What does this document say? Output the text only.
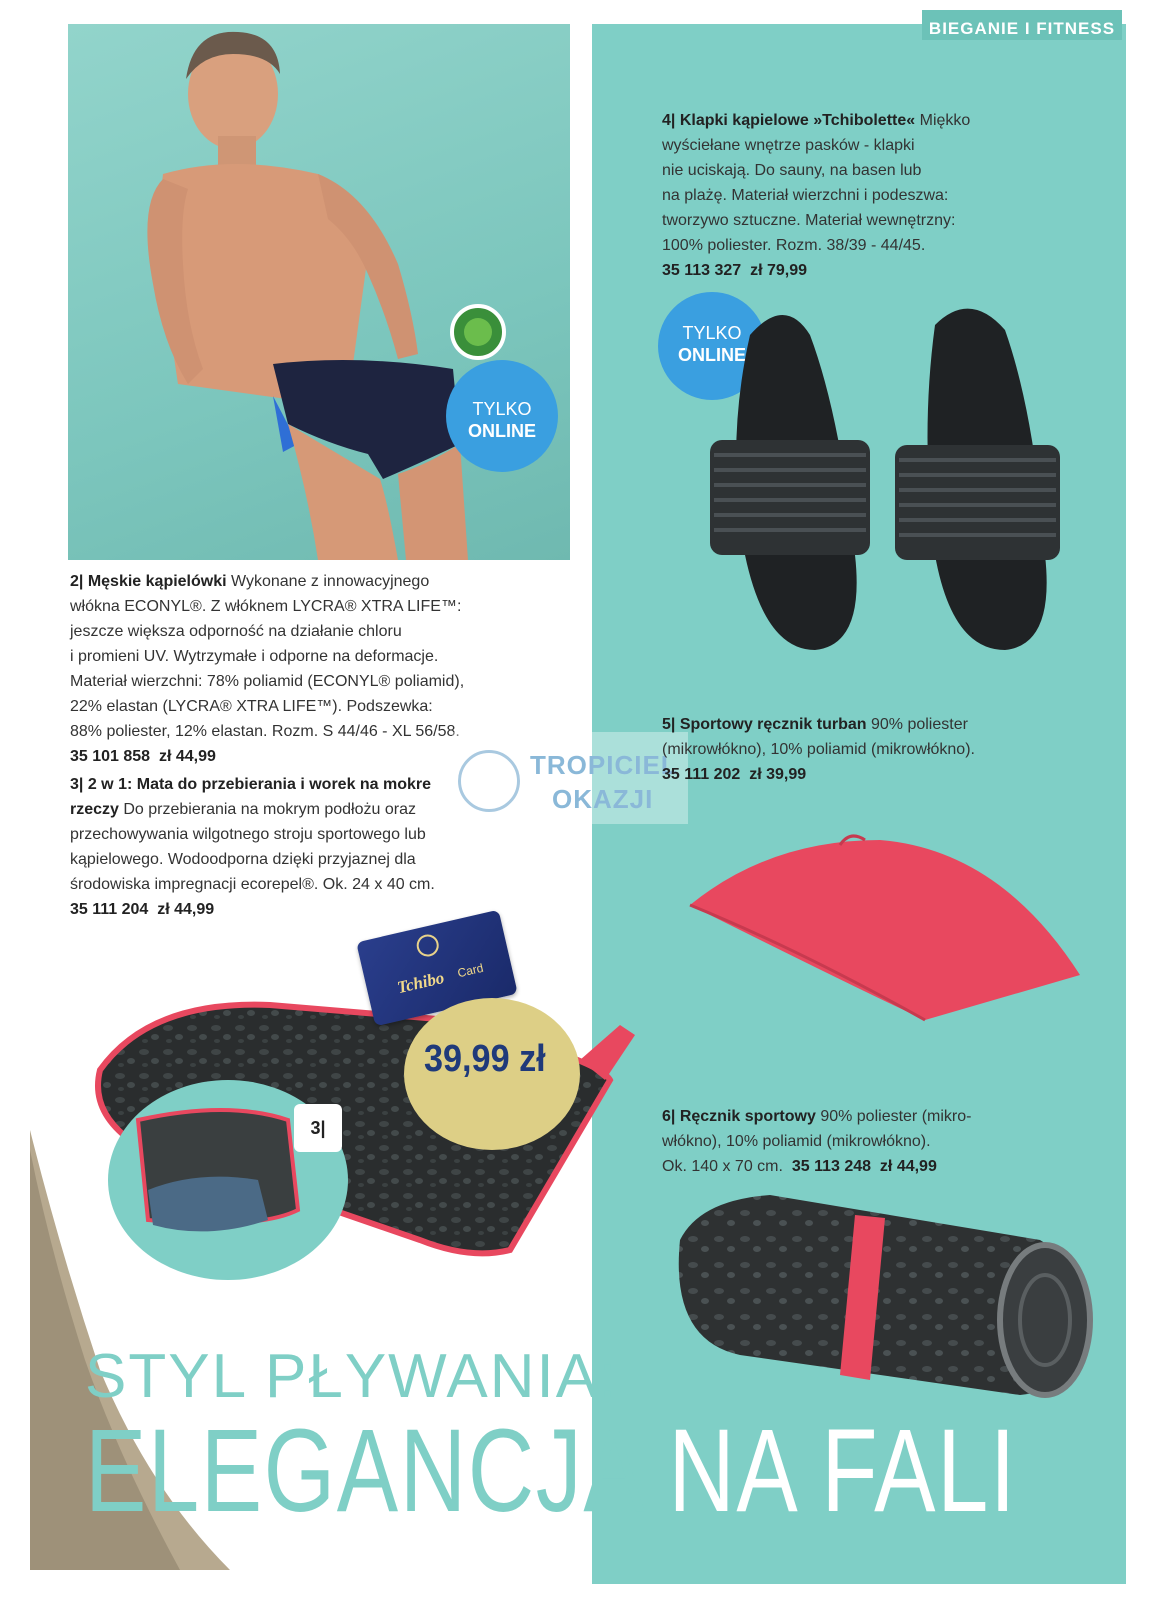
BIEGANIE I FITNESS
TYLKO
ONLINE
2| Męskie kąpielówki Wykonane z innowacyjnego
włókna ECONYL®. Z włóknem LYCRA® XTRA LIFE™:
jeszcze większa odporność na działanie chloru
i promieni UV. Wytrzymałe i odporne na deformacje.
Materiał wierzchni: 78% poliamid (ECONYL® poliamid),
22% elastan (LYCRA® XTRA LIFE™). Podszewka:
88% poliester, 12% elastan. Rozm. S 44/46 - XL 56/58.
35 101 858 zł 44,99
3| 2 w 1: Mata do przebierania i worek na mokre
rzeczy Do przebierania na mokrym podłożu oraz
przechowywania wilgotnego stroju sportowego lub
kąpielowego. Wodoodporna dzięki przyjaznej dla
środowiska impregnacji ecorepel®. Ok. 24 x 40 cm.
35 111 204 zł 44,99
TROPICIEL
OKAZJI
Tchibo Card
39,99 zł
3|
4| Klapki kąpielowe »Tchibolette« Miękko
wyściełane wnętrze pasków - klapki
nie uciskają. Do sauny, na basen lub
na plażę. Materiał wierzchni i podeszwa:
tworzywo sztuczne. Materiał wewnętrzny:
100% poliester. Rozm. 38/39 - 44/45.
35 113 327 zł 79,99
TYLKO
ONLINE
5| Sportowy ręcznik turban 90% poliester
(mikrowłókno), 10% poliamid (mikrowłókno).
35 111 202 zł 39,99
6| Ręcznik sportowy 90% poliester (mikro-
włókno), 10% poliamid (mikrowłókno).
Ok. 140 x 70 cm. 35 113 248 zł 44,99
STYL PŁYWANIA:
ELEGANCJA NA FALI
